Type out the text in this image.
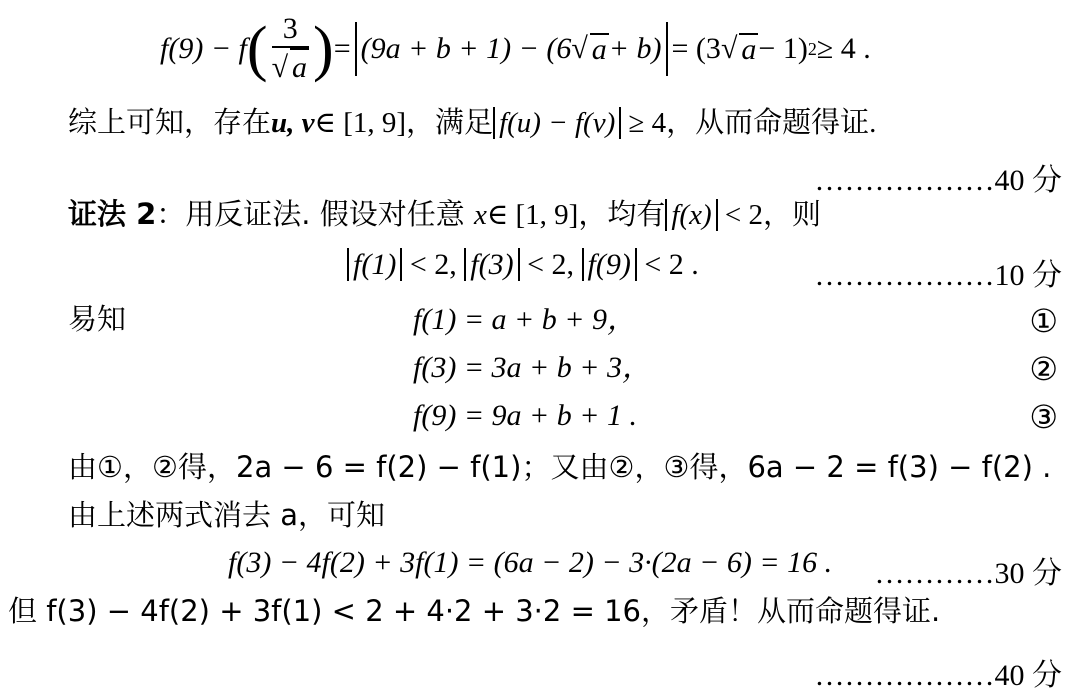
f(9) − f ( $\frac{3}{√ a}$ ) = (9a + b + 1) − (6 √ a + b) = (3 √ a − 1) 2 ≥ 4 .
综上可知，存在u, v∈ [1, 9]，满足 f(u) − f(v) ≥ 4，从而命题得证.
………………40 分
证法 2：用反证法. 假设对任意 x∈ [1, 9]，均有 f(x) < 2，则
f(1) < 2, f(3) < 2, f(9) < 2 .	………………10 分
易知	f(1) = a + b + 9，	①
f(3) = 3a + b + 3，	②
f(9) = 9a + b + 1 .	③
由①，②得，2a − 6 = f(2) − f(1)；又由②，③得，6a − 2 = f(3) − f(2) .
由上述两式消去 a，可知
f(3) − 4f(2) + 3f(1) = (6a − 2) − 3·(2a − 6) = 16 . …………30 分
但 f(3) − 4f(2) + 3f(1) < 2 + 4·2 + 3·2 = 16，矛盾！从而命题得证.
………………40 分
